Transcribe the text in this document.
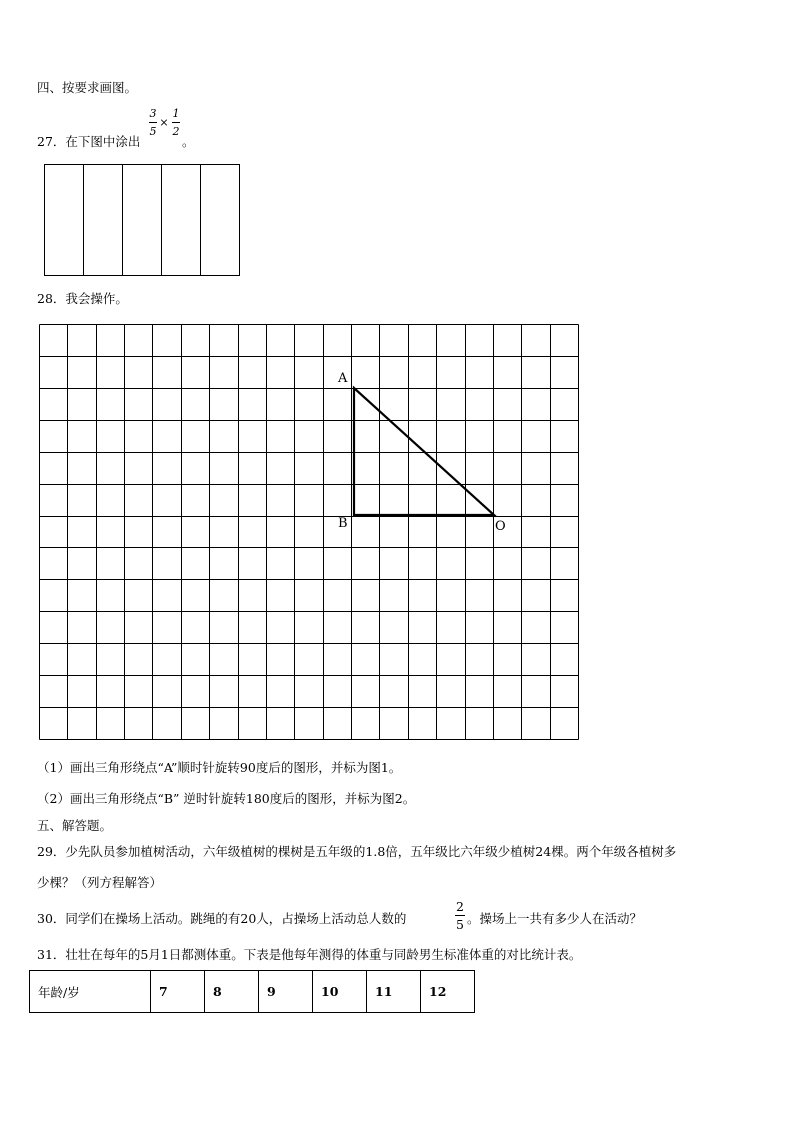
四、按要求画图。
27．在下图中涂出
3
5
×
1
2
。
28．我会操作。
A
B	O
（1）画出三角形绕点“A”顺时针旋转90度后的图形，并标为图1。
（2）画出三角形绕点“B” 逆时针旋转180度后的图形，并标为图2。
五、解答题。
29．少先队员参加植树活动，六年级植树的棵树是五年级的1.8倍，五年级比六年级少植树24棵。两个年级各植树多
少棵？（列方程解答）
30．同学们在操场上活动。跳绳的有20人，占操场上活动总人数的
2
5 。操场上一共有多少人在活动？
31．壮壮在每年的5月1日都测体重。下表是他每年测得的体重与同龄男生标准体重的对比统计表。
年龄/岁	7	8	9	10	11	12
